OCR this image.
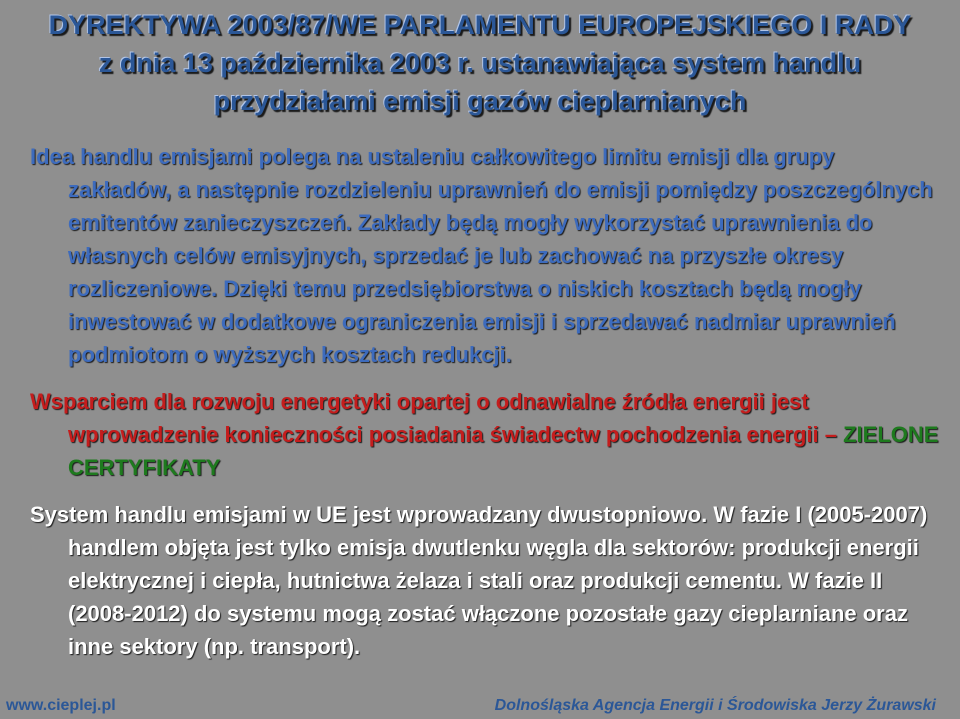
DYREKTYWA 2003/87/WE PARLAMENTU EUROPEJSKIEGO I RADY
z dnia 13 października 2003 r. ustanawiająca system handlu
przydziałami emisji gazów cieplarnianych

Idea handlu emisjami polega na ustaleniu całkowitego limitu emisji dla grupy zakładów, a następnie rozdzieleniu uprawnień do emisji pomiędzy poszczególnych emitentów zanieczyszczeń. Zakłady będą mogły wykorzystać uprawnienia do własnych celów emisyjnych, sprzedać je lub zachować na przyszłe okresy rozliczeniowe. Dzięki temu przedsiębiorstwa o niskich kosztach będą mogły inwestować w dodatkowe ograniczenia emisji i sprzedawać nadmiar uprawnień podmiotom o wyższych kosztach redukcji.

Wsparciem dla rozwoju energetyki opartej o odnawialne źródła energii jest wprowadzenie konieczności posiadania świadectw pochodzenia energii – ZIELONE CERTYFIKATY

System handlu emisjami w UE jest wprowadzany dwustopniowo. W fazie I (2005-2007) handlem objęta jest tylko emisja dwutlenku węgla dla sektorów: produkcji energii elektrycznej i ciepła, hutnictwa żelaza i stali oraz produkcji cementu. W fazie II (2008-2012) do systemu mogą zostać włączone pozostałe gazy cieplarniane oraz inne sektory (np. transport).

www.cieplej.pl	Dolnośląska Agencja Energii i Środowiska Jerzy Żurawski
